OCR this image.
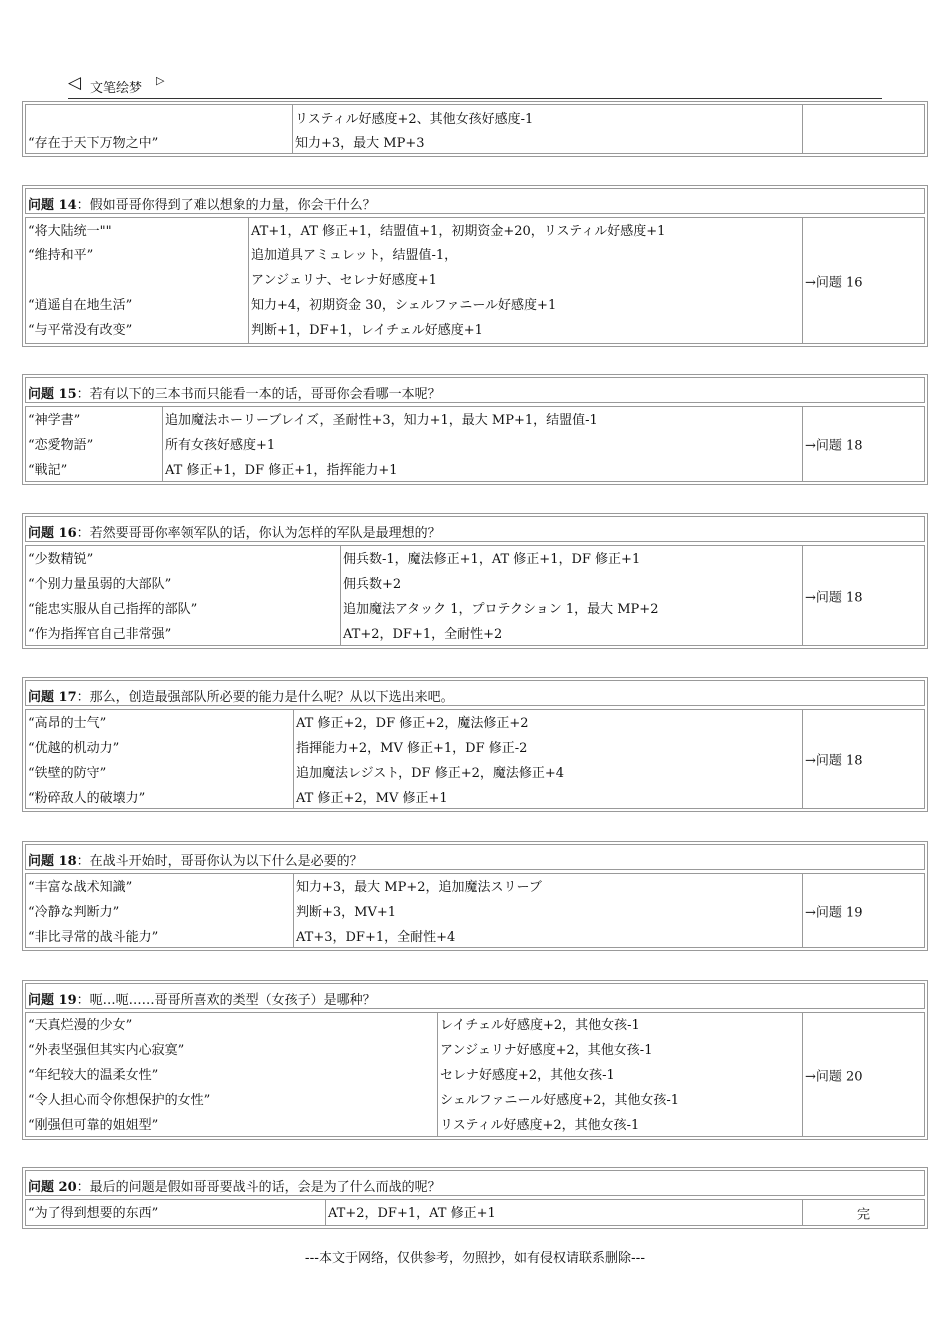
◁ 文笔绘梦
▷
“存在于天下万物之中”
リスティル好感度+2、其他女孩好感度-1
知力+3，最大 MP+3
问题 14：假如哥哥你得到了难以想象的力量，你会干什么？
“将大陆统一""
“维持和平”
“逍遥自在地生活”
“与平常没有改变”
AT+1，AT 修正+1，结盟值+1，初期资金+20，リスティル好感度+1
追加道具アミュレット，结盟值-1，
アンジェリナ、セレナ好感度+1
知力+4，初期资金 30，シェルファニール好感度+1
判断+1，DF+1，レイチェル好感度+1
→问题 16
问题 15：若有以下的三本书而只能看一本的话，哥哥你会看哪一本呢？
“神学書”
“恋愛物語”
“戦記”
追加魔法ホーリーブレイズ，圣耐性+3，知力+1，最大 MP+1，结盟值-1
所有女孩好感度+1
AT 修正+1，DF 修正+1，指挥能力+1
→问题 18
问题 16：若然要哥哥你率领军队的话，你认为怎样的军队是最理想的？
“少数精锐”
“个别力量虽弱的大部队”
“能忠实服从自己指挥的部队”
“作为指挥官自己非常强”
佣兵数-1，魔法修正+1，AT 修正+1，DF 修正+1
佣兵数+2
追加魔法アタック 1，プロテクション 1，最大 MP+2
AT+2，DF+1，全耐性+2
→问题 18
问题 17：那么，创造最强部队所必要的能力是什么呢？从以下选出来吧。
“高昂的士气”
“优越的机动力”
“铁壁的防守”
“粉碎敌人的破壊力”
AT 修正+2，DF 修正+2，魔法修正+2
指揮能力+2，MV 修正+1，DF 修正-2
追加魔法レジスト，DF 修正+2，魔法修正+4
AT 修正+2，MV 修正+1
→问题 18
问题 18：在战斗开始时，哥哥你认为以下什么是必要的？
“丰富な战术知識”
“冷静な判断力”
“非比寻常的战斗能力”
知力+3，最大 MP+2，追加魔法スリーブ
判断+3，MV+1
AT+3，DF+1，全耐性+4
→问题 19
问题 19：呃…呃……哥哥所喜欢的类型（女孩子）是哪种？
“天真烂漫的少女”
“外表坚强但其实内心寂寞”
“年纪较大的温柔女性”
“令人担心而令你想保护的女性”
“刚强但可靠的姐姐型”
レイチェル好感度+2，其他女孩-1
アンジェリナ好感度+2，其他女孩-1
セレナ好感度+2，其他女孩-1
シェルファニール好感度+2，其他女孩-1
リスティル好感度+2，其他女孩-1
→问题 20
问题 20：最后的问题是假如哥哥要战斗的话，会是为了什么而战的呢？
“为了得到想要的东西”	AT+2，DF+1，AT 修正+1	完
---本文于网络，仅供参考，勿照抄，如有侵权请联系删除---
